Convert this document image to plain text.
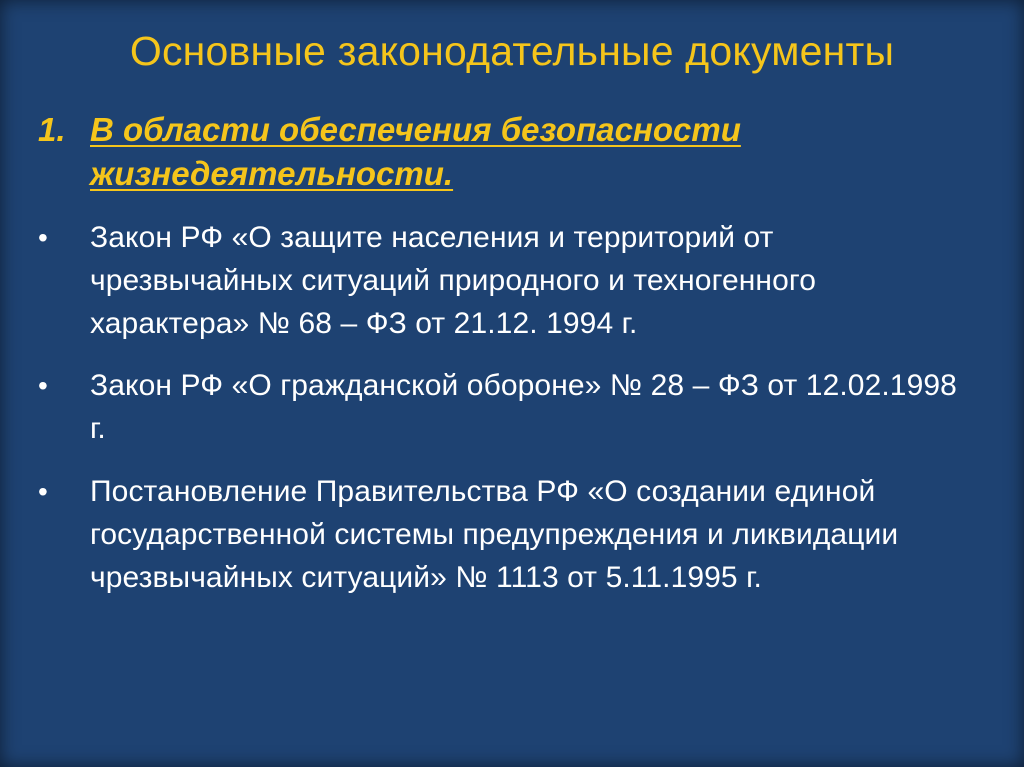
Основные законодательные документы
1. В области обеспечения безопасности жизнедеятельности.
• Закон РФ «О защите населения и территорий от чрезвычайных ситуаций природного и техногенного характера» № 68 – ФЗ от 21.12. 1994 г.
• Закон РФ «О гражданской обороне» № 28 – ФЗ от 12.02.1998 г.
• Постановление Правительства РФ «О создании единой государственной системы предупреждения и ликвидации чрезвычайных ситуаций» № 1113 от 5.11.1995 г.
